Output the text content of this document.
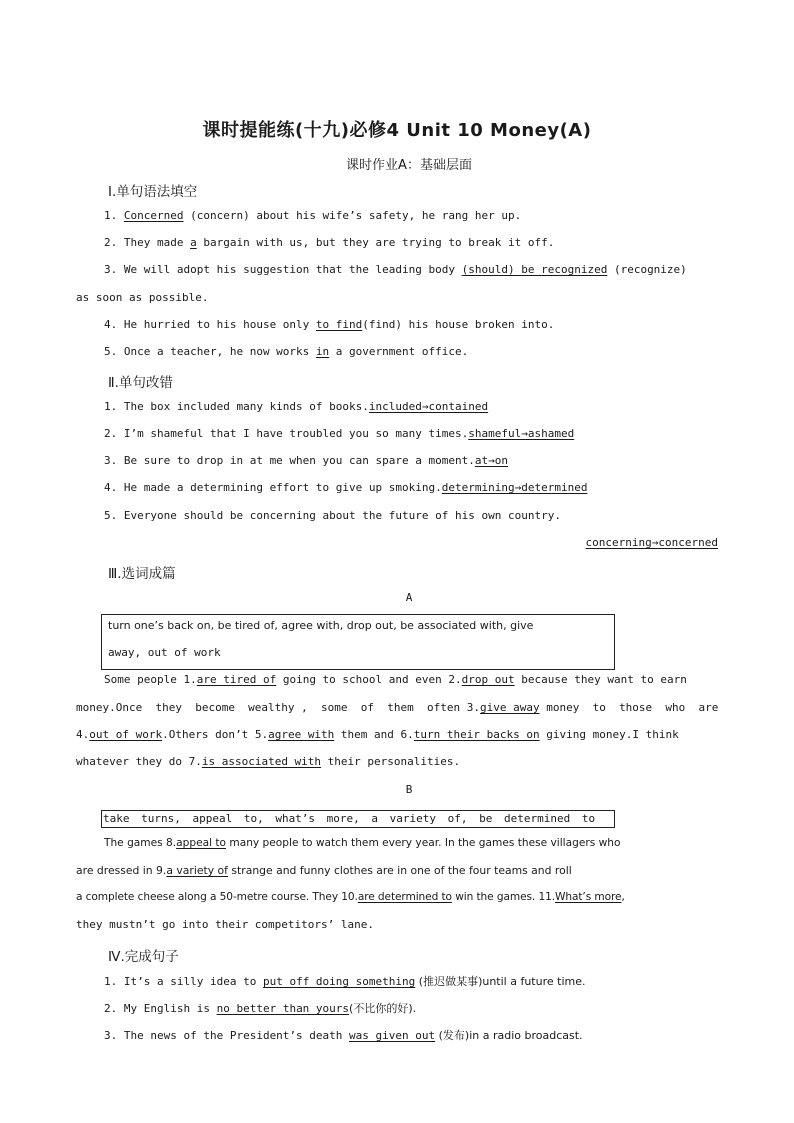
课时提能练(十九)必修4 Unit 10 Money(A)
课时作业A：基础层面
Ⅰ.单句语法填空
1. Concerned (concern) about his wife’s safety, he rang her up.
2. They made a bargain with us, but they are trying to break it off.
3. We will adopt his suggestion that the leading body (should) be recognized (recognize)
as soon as possible.
4. He hurried to his house only to find(find) his house broken into.
5. Once a teacher, he now works in a government office.
Ⅱ.单句改错
1. The box included many kinds of books.included→contained
2. I’m shameful that I have troubled you so many times.shameful→ashamed
3. Be sure to drop in at me when you can spare a moment.at→on
4. He made a determining effort to give up smoking.determining→determined
5. Everyone should be concerning about the future of his own country.
concerning→concerned
Ⅲ.选词成篇
A
turn one’s back on, be tired of, agree with, drop out, be associated with, give
away, out of work
Some people 1.are tired of going to school and even 2.drop out because they want to earn
money.Once  they  become  wealthy ,  some  of  them  often 3.give away money  to  those  who  are
4.out of work.Others don’t 5.agree with them and 6.turn their backs on giving money.I think
whatever they do 7.is associated with their personalities.
B
take turns, appeal to, what’s more, a variety of, be determined to
The games 8.appeal to many people to watch them every year. In the games these villagers who
are dressed in 9.a variety of strange and funny clothes are in one of the four teams and roll
a complete cheese along a 50-metre course. They 10.are determined to win the games. 11.What’s more,
they mustn’t go into their competitors’ lane.
Ⅳ.完成句子
1. It’s a silly idea to put off doing something (推迟做某事)until a future time.
2. My English is no better than yours(不比你的好).
3. The news of the President’s death was given out (发布)in a radio broadcast.
